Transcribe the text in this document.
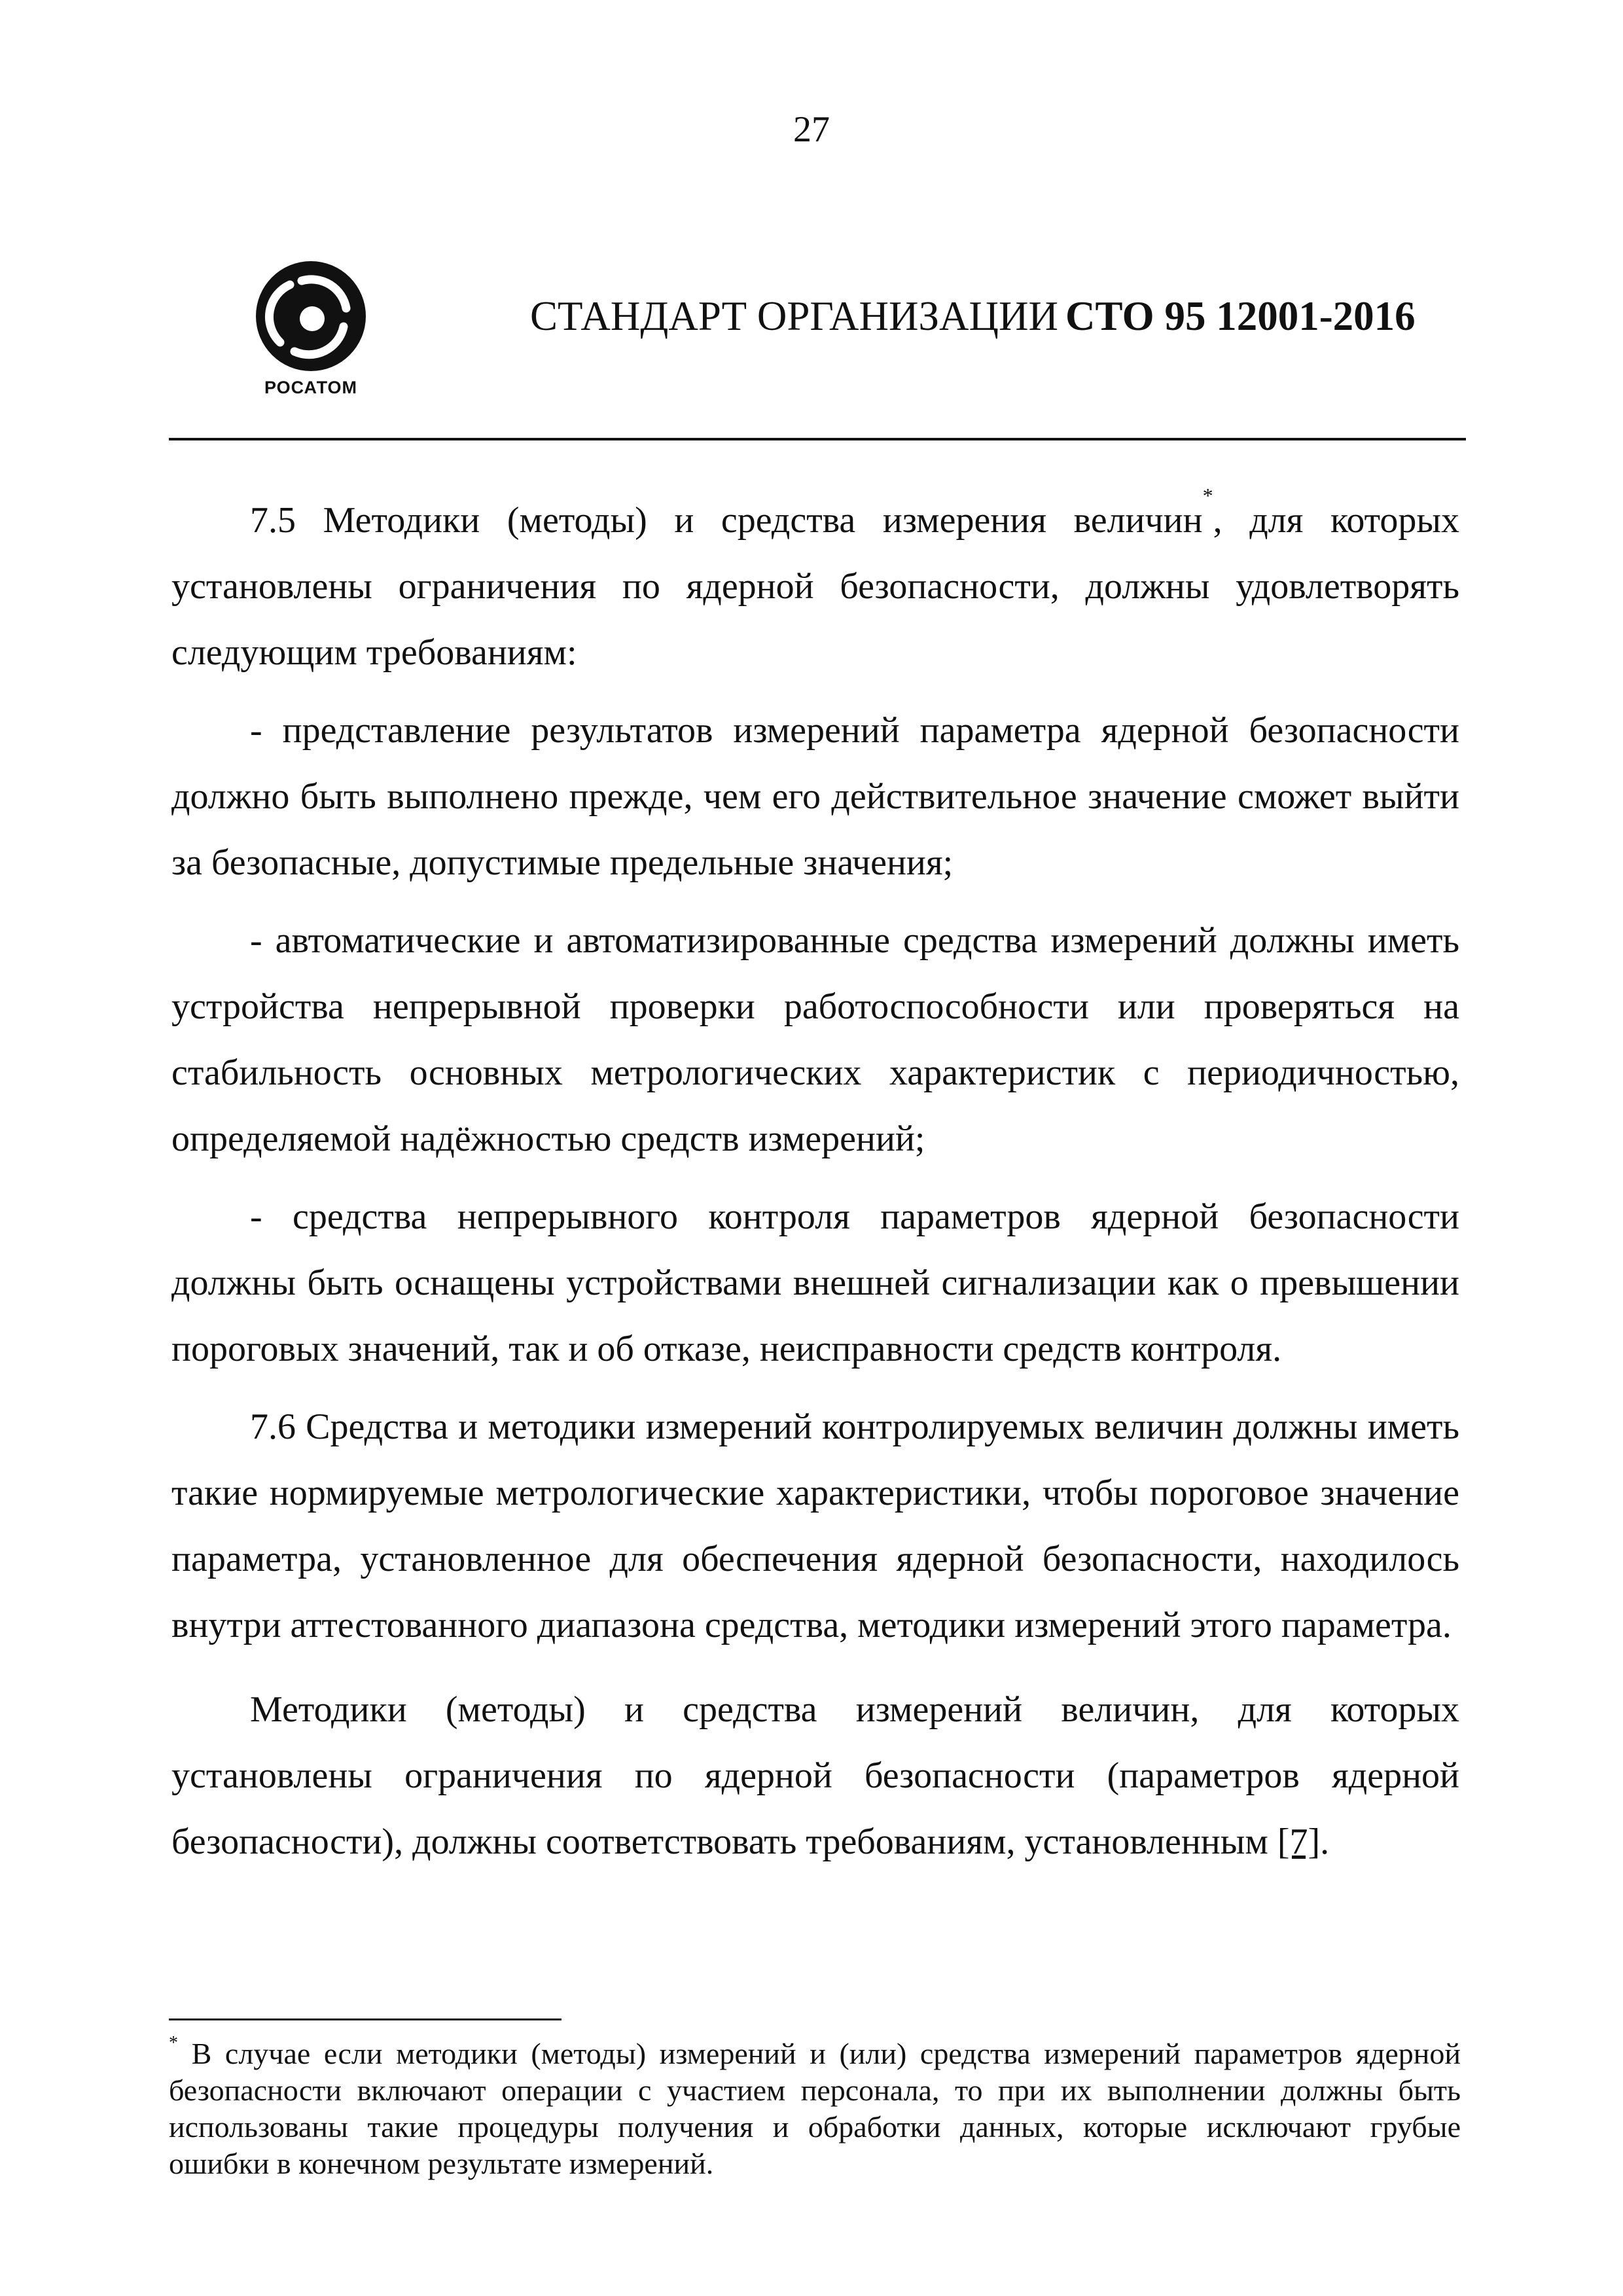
27
РОСАТОМ
СТАНДАРТ ОРГАНИЗАЦИИ СТО 95 12001-2016

7.5 Методики (методы) и средства измерения величин*, для которых установлены ограничения по ядерной безопасности, должны удовлетворять следующим требованиям:

- представление результатов измерений параметра ядерной безопасности должно быть выполнено прежде, чем его действительное значение сможет выйти за безопасные, допустимые предельные значения;

- автоматические и автоматизированные средства измерений должны иметь устройства непрерывной проверки работоспособности или проверяться на стабильность основных метрологических характеристик с периодичностью, определяемой надёжностью средств измерений;

- средства непрерывного контроля параметров ядерной безопасности должны быть оснащены устройствами внешней сигнализации как о превышении пороговых значений, так и об отказе, неисправности средств контроля.

7.6 Средства и методики измерений контролируемых величин должны иметь такие нормируемые метрологические характеристики, чтобы пороговое значение параметра, установленное для обеспечения ядерной безопасности, находилось внутри аттестованного диапазона средства, методики измерений этого параметра.

Методики (методы) и средства измерений величин, для которых установлены ограничения по ядерной безопасности (параметров ядерной безопасности), должны соответствовать требованиям, установленным [7].

* В случае если методики (методы) измерений и (или) средства измерений параметров ядерной безопасности включают операции с участием персонала, то при их выполнении должны быть использованы такие процедуры получения и обработки данных, которые исключают грубые ошибки в конечном результате измерений.
